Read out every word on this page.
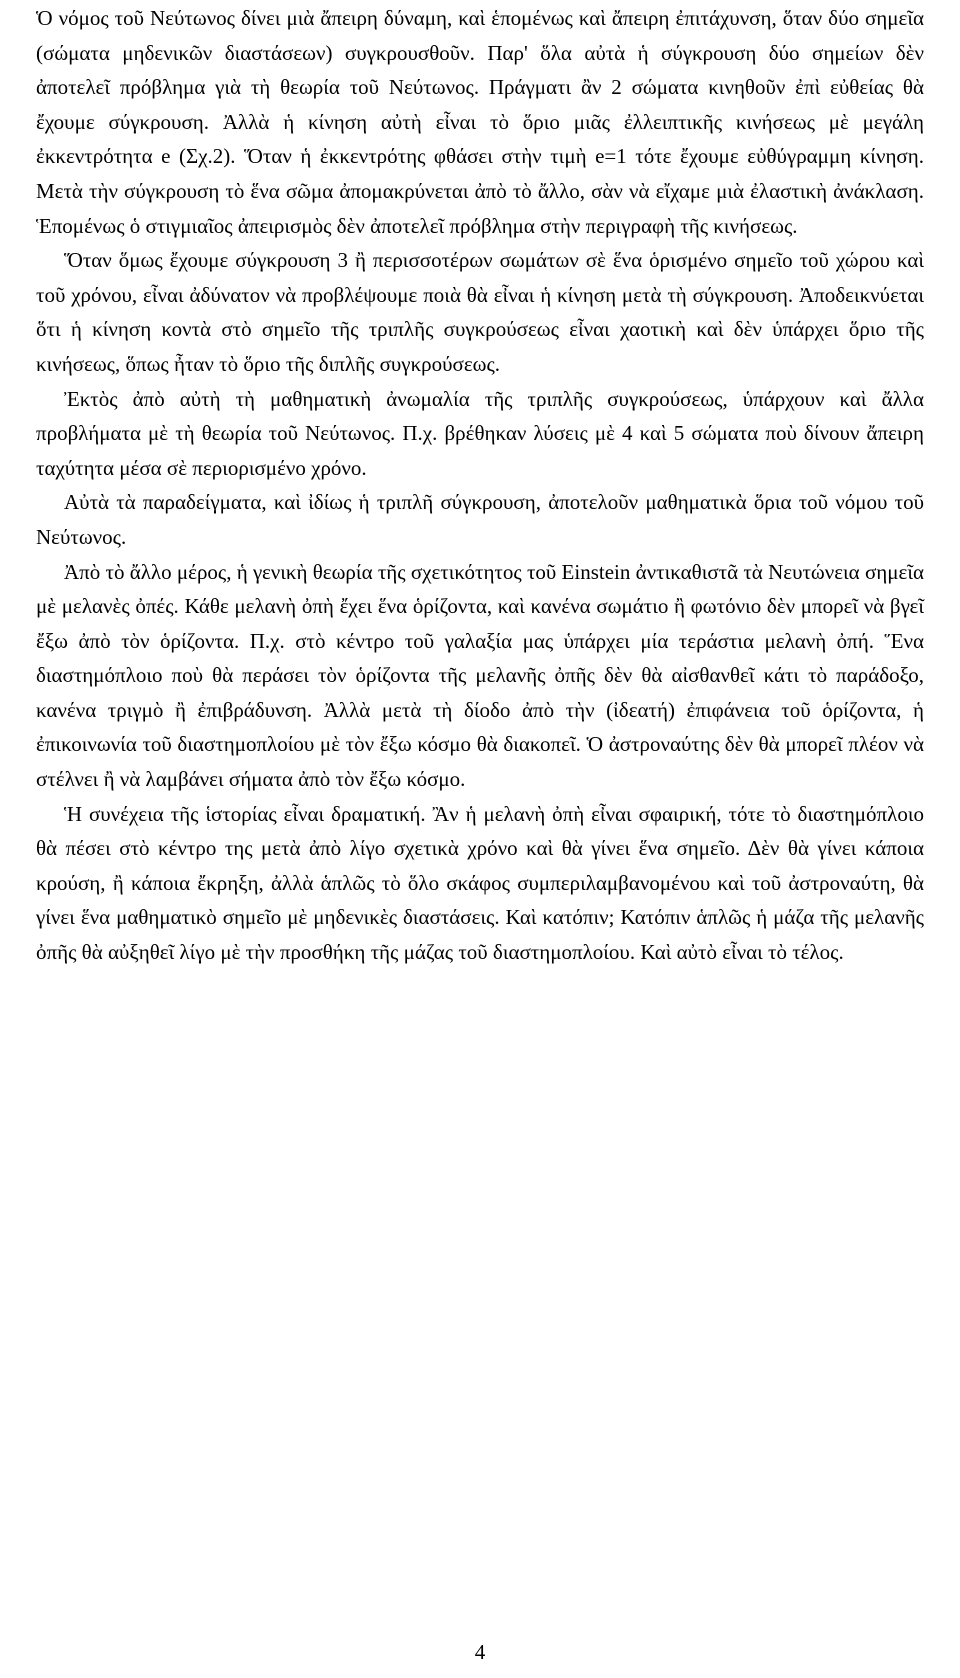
Ὁ νόμος τοῦ Νεύτωνος δίνει μιὰ ἄπειρη δύναμη, καὶ ἑπομένως καὶ ἄπειρη ἐπιτάχυνση, ὅταν δύο σημεῖα (σώματα μηδενικῶν διαστάσεων) συγκρουσθοῦν. Παρ' ὅλα αὐτὰ ἡ σύγκρουση δύο σημείων δὲν ἀποτελεῖ πρόβλημα γιὰ τὴ θεωρία τοῦ Νεύτωνος. Πράγματι ἂν 2 σώματα κινηθοῦν ἐπὶ εὐθείας θὰ ἔχουμε σύγκρουση. Ἀλλὰ ἡ κίνηση αὐτὴ εἶναι τὸ ὅριο μιᾶς ἐλλειπτικῆς κινήσεως μὲ μεγάλη ἐκκεντρότητα e (Σχ.2). Ὅταν ἡ ἐκκεντρότης φθάσει στὴν τιμὴ e=1 τότε ἔχουμε εὐθύγραμμη κίνηση. Μετὰ τὴν σύγκρουση τὸ ἕνα σῶμα ἀπομακρύνεται ἀπὸ τὸ ἄλλο, σὰν νὰ εἴχαμε μιὰ ἐλαστικὴ ἀνάκλαση. Ἑπομένως ὁ στιγμιαῖος ἀπειρισμὸς δὲν ἀποτελεῖ πρόβλημα στὴν περιγραφὴ τῆς κινήσεως.

Ὅταν ὅμως ἔχουμε σύγκρουση 3 ἢ περισσοτέρων σωμάτων σὲ ἕνα ὁρισμένο σημεῖο τοῦ χώρου καὶ τοῦ χρόνου, εἶναι ἀδύνατον νὰ προβλέψουμε ποιὰ θὰ εἶναι ἡ κίνηση μετὰ τὴ σύγκρουση. Ἀποδεικνύεται ὅτι ἡ κίνηση κοντὰ στὸ σημεῖο τῆς τριπλῆς συγκρούσεως εἶναι χαοτικὴ καὶ δὲν ὑπάρχει ὅριο τῆς κινήσεως, ὅπως ἦταν τὸ ὅριο τῆς διπλῆς συγκρούσεως.

Ἐκτὸς ἀπὸ αὐτὴ τὴ μαθηματικὴ ἀνωμαλία τῆς τριπλῆς συγκρούσεως, ὑπάρχουν καὶ ἄλλα προβλήματα μὲ τὴ θεωρία τοῦ Νεύτωνος. Π.χ. βρέθηκαν λύσεις μὲ 4 καὶ 5 σώματα ποὺ δίνουν ἄπειρη ταχύτητα μέσα σὲ περιορισμένο χρόνο.

Αὐτὰ τὰ παραδείγματα, καὶ ἰδίως ἡ τριπλῆ σύγκρουση, ἀποτελοῦν μαθηματικὰ ὅρια τοῦ νόμου τοῦ Νεύτωνος.

Ἀπὸ τὸ ἄλλο μέρος, ἡ γενικὴ θεωρία τῆς σχετικότητος τοῦ Einstein ἀντικαθιστᾶ τὰ Νευτώνεια σημεῖα μὲ μελανὲς ὀπές. Κάθε μελανὴ ὀπὴ ἔχει ἕνα ὁρίζοντα, καὶ κανένα σωμάτιο ἢ φωτόνιο δὲν μπορεῖ νὰ βγεῖ ἔξω ἀπὸ τὸν ὁρίζοντα. Π.χ. στὸ κέντρο τοῦ γαλαξία μας ὑπάρχει μία τεράστια μελανὴ ὀπή. Ἕνα διαστημόπλοιο ποὺ θὰ περάσει τὸν ὁρίζοντα τῆς μελανῆς ὀπῆς δὲν θὰ αἰσθανθεῖ κάτι τὸ παράδοξο, κανένα τριγμὸ ἢ ἐπιβράδυνση. Ἀλλὰ μετὰ τὴ δίοδο ἀπὸ τὴν (ἰδεατή) ἐπιφάνεια τοῦ ὁρίζοντα, ἡ ἐπικοινωνία τοῦ διαστημοπλοίου μὲ τὸν ἔξω κόσμο θὰ διακοπεῖ. Ὁ ἀστροναύτης δὲν θὰ μπορεῖ πλέον νὰ στέλνει ἢ νὰ λαμβάνει σήματα ἀπὸ τὸν ἔξω κόσμο.

Ἡ συνέχεια τῆς ἱστορίας εἶναι δραματική. Ἂν ἡ μελανὴ ὀπὴ εἶναι σφαιρική, τότε τὸ διαστημόπλοιο θὰ πέσει στὸ κέντρο της μετὰ ἀπὸ λίγο σχετικὰ χρόνο καὶ θὰ γίνει ἕνα σημεῖο. Δὲν θὰ γίνει κάποια κρούση, ἢ κάποια ἔκρηξη, ἀλλὰ ἁπλῶς τὸ ὅλο σκάφος συμπεριλαμβανομένου καὶ τοῦ ἀστροναύτη, θὰ γίνει ἕνα μαθηματικὸ σημεῖο μὲ μηδενικὲς διαστάσεις. Καὶ κατόπιν; Κατόπιν ἁπλῶς ἡ μάζα τῆς μελανῆς ὀπῆς θὰ αὐξηθεῖ λίγο μὲ τὴν προσθήκη τῆς μάζας τοῦ διαστημοπλοίου. Καὶ αὐτὸ εἶναι τὸ τέλος.

4
